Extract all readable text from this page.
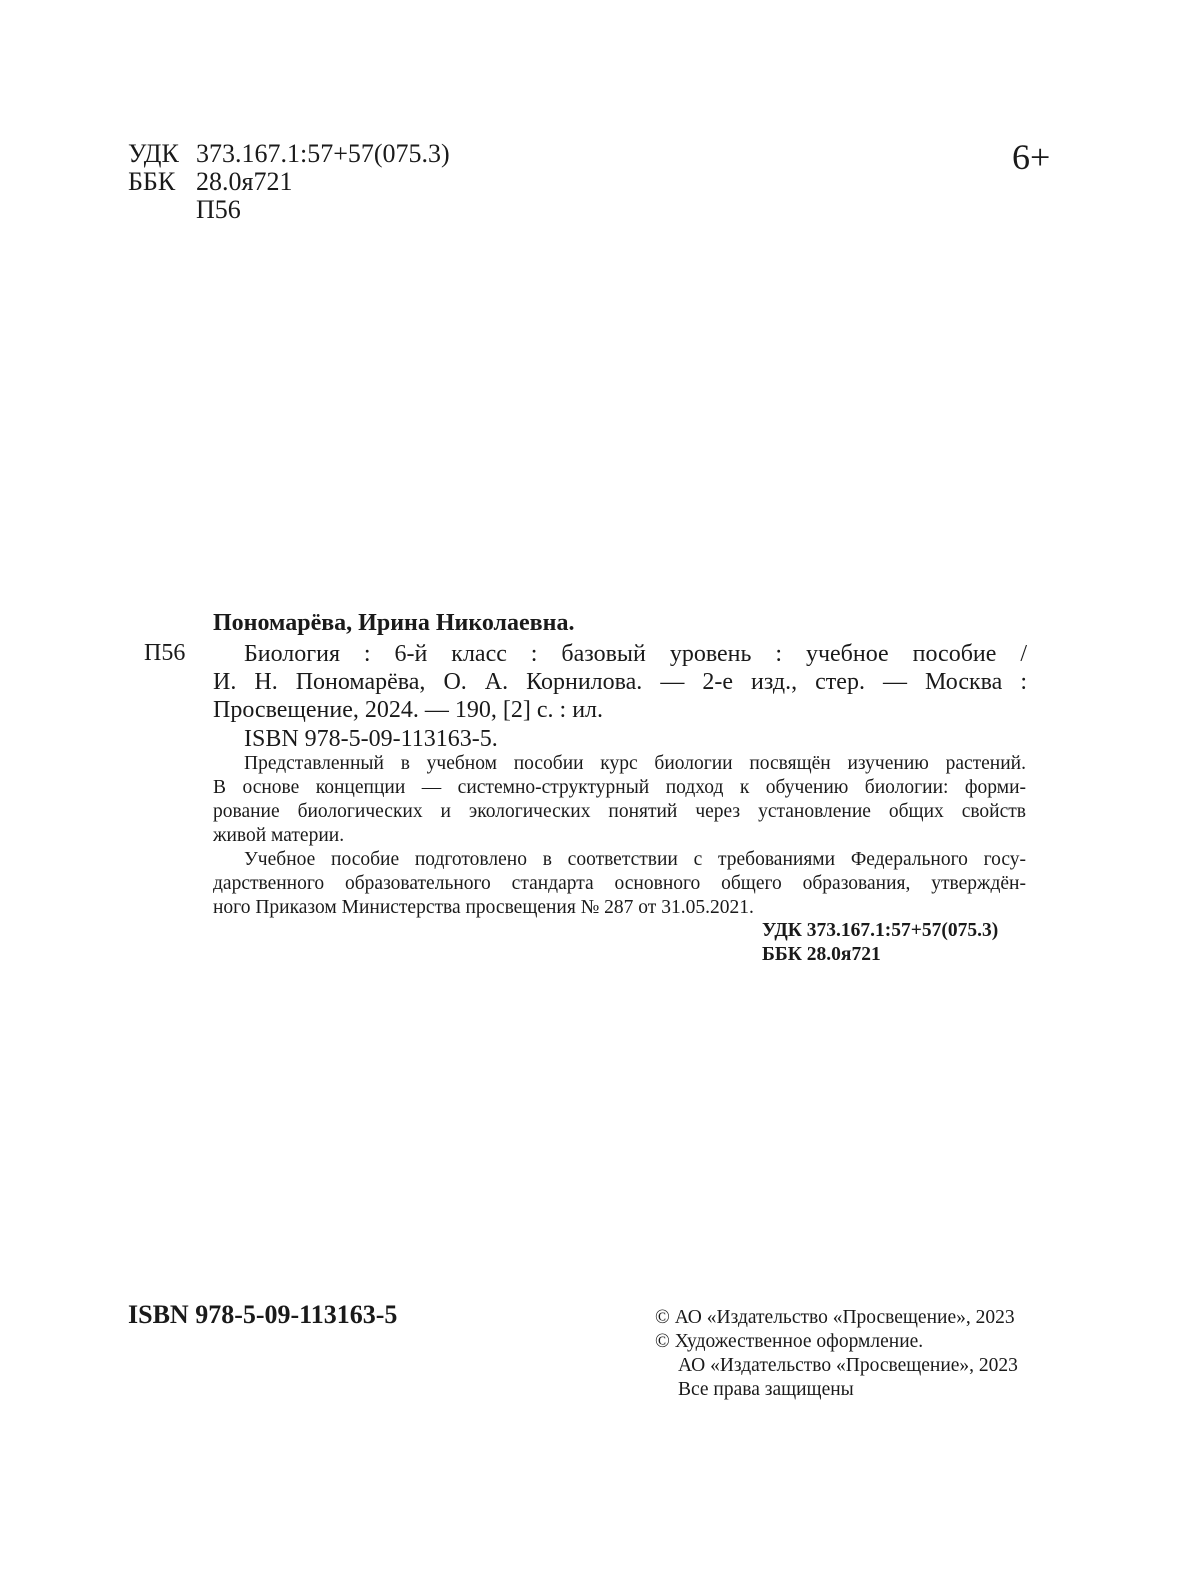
УДК 373.167.1:57+57(075.3)
ББК 28.0я721
П56
6+
Пономарёва, Ирина Николаевна.
П56 Биология : 6-й класс : базовый уровень : учебное пособие /
И. Н. Пономарёва, О. А. Корнилова. — 2-е изд., стер. — Москва :
Просвещение, 2024. — 190, [2] с. : ил.
ISBN 978-5-09-113163-5.
Представленный в учебном пособии курс биологии посвящён изучению растений.
В основе концепции — системно-структурный подход к обучению биологии: форми-
рование биологических и экологических понятий через установление общих свойств
живой материи.
Учебное пособие подготовлено в соответствии с требованиями Федерального госу-
дарственного образовательного стандарта основного общего образования, утверждён-
ного Приказом Министерства просвещения № 287 от 31.05.2021.
УДК 373.167.1:57+57(075.3)
ББК 28.0я721
ISBN 978-5-09-113163-5	© АО «Издательство «Просвещение», 2023
© Художественное оформление.
АО «Издательство «Просвещение», 2023
Все права защищены
